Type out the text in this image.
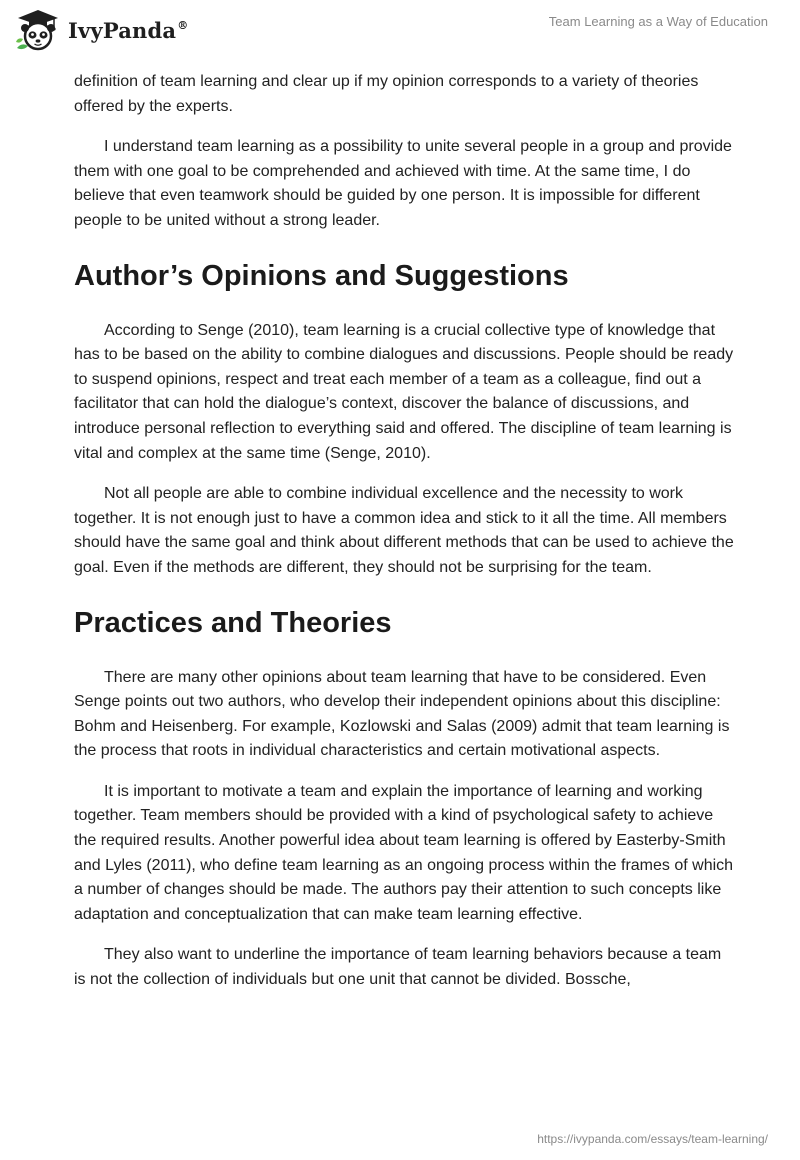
IvyPanda®	Team Learning as a Way of Education

definition of team learning and clear up if my opinion corresponds to a variety of theories offered by the experts.

I understand team learning as a possibility to unite several people in a group and provide them with one goal to be comprehended and achieved with time. At the same time, I do believe that even teamwork should be guided by one person. It is impossible for different people to be united without a strong leader.

Author’s Opinions and Suggestions

According to Senge (2010), team learning is a crucial collective type of knowledge that has to be based on the ability to combine dialogues and discussions. People should be ready to suspend opinions, respect and treat each member of a team as a colleague, find out a facilitator that can hold the dialogue’s context, discover the balance of discussions, and introduce personal reflection to everything said and offered. The discipline of team learning is vital and complex at the same time (Senge, 2010).

Not all people are able to combine individual excellence and the necessity to work together. It is not enough just to have a common idea and stick to it all the time. All members should have the same goal and think about different methods that can be used to achieve the goal. Even if the methods are different, they should not be surprising for the team.

Practices and Theories

There are many other opinions about team learning that have to be considered. Even Senge points out two authors, who develop their independent opinions about this discipline: Bohm and Heisenberg. For example, Kozlowski and Salas (2009) admit that team learning is the process that roots in individual characteristics and certain motivational aspects.

It is important to motivate a team and explain the importance of learning and working together. Team members should be provided with a kind of psychological safety to achieve the required results. Another powerful idea about team learning is offered by Easterby-Smith and Lyles (2011), who define team learning as an ongoing process within the frames of which a number of changes should be made. The authors pay their attention to such concepts like adaptation and conceptualization that can make team learning effective.

They also want to underline the importance of team learning behaviors because a team is not the collection of individuals but one unit that cannot be divided. Bossche,

https://ivypanda.com/essays/team-learning/
